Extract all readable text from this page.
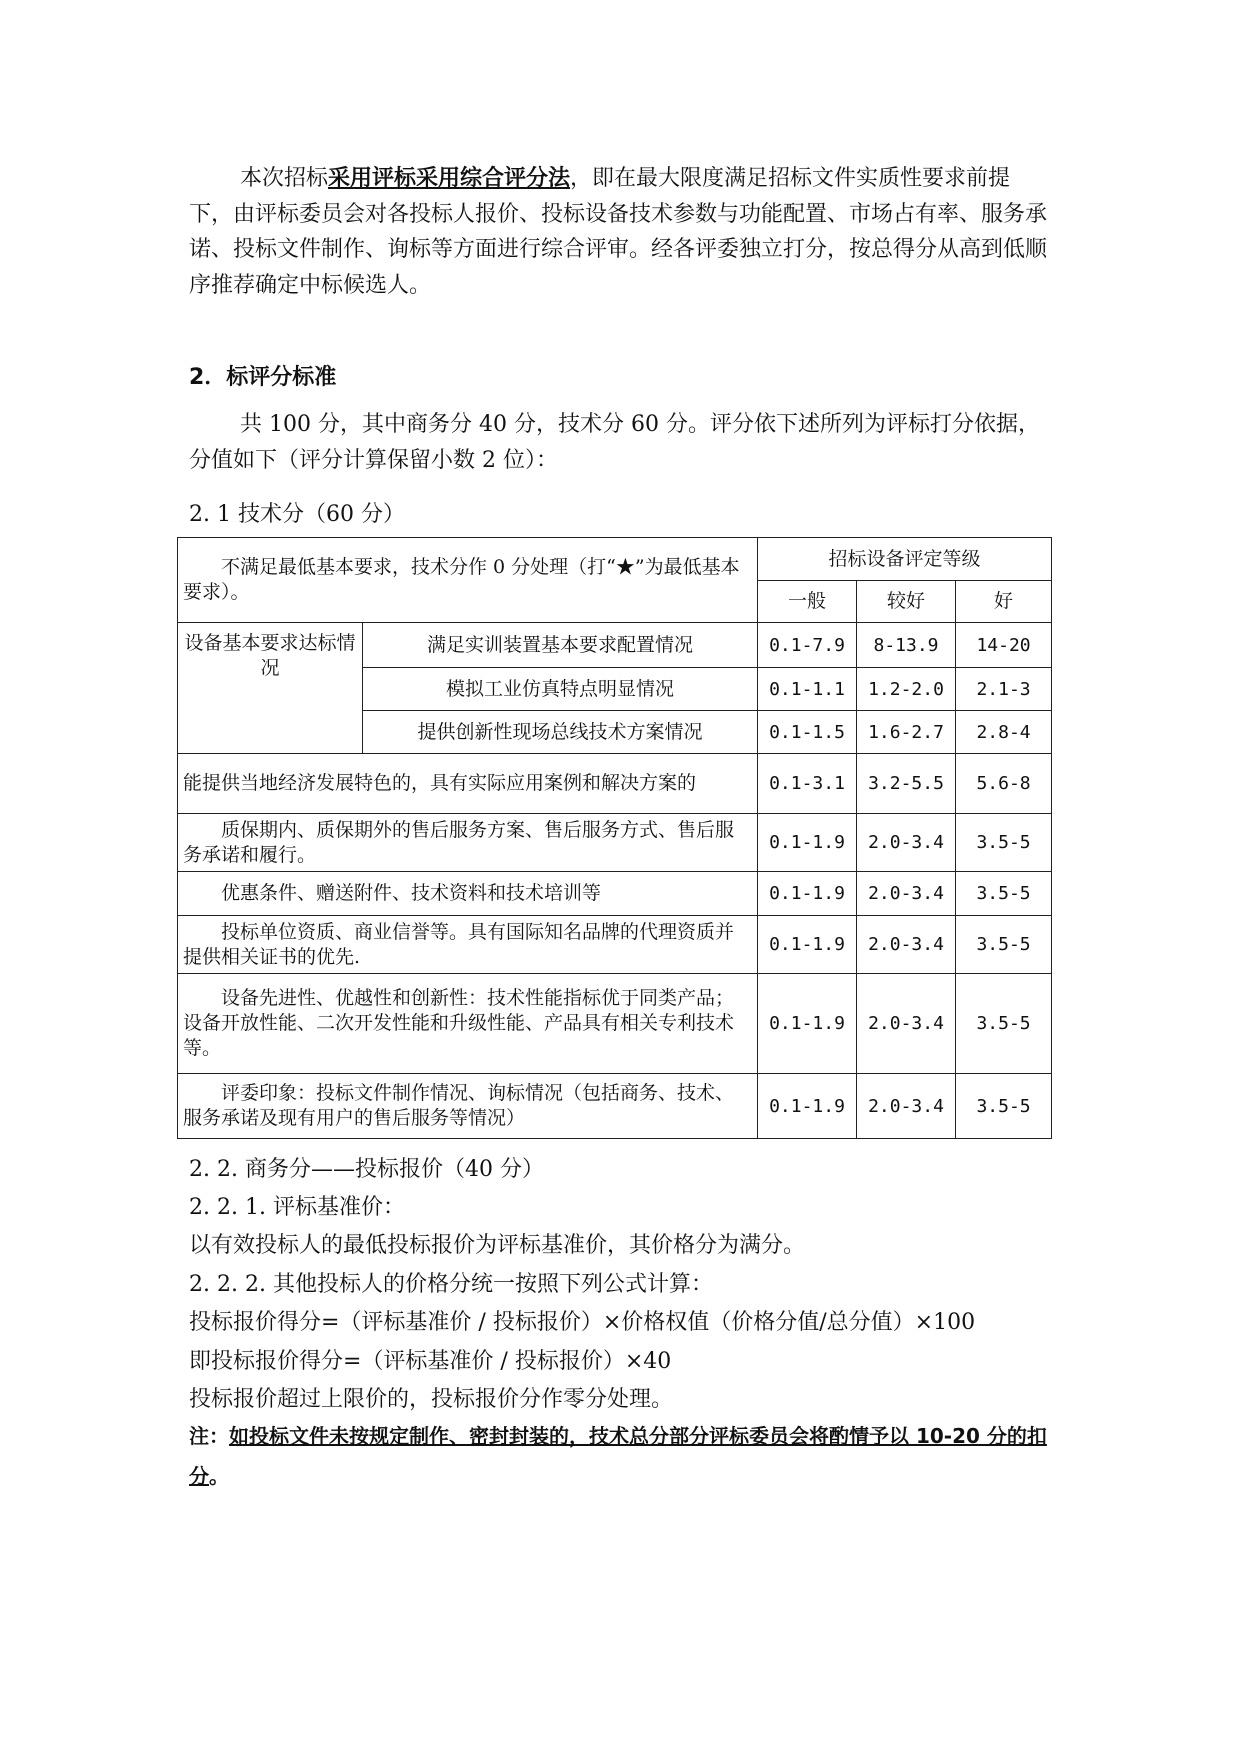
本次招标采用评标采用综合评分法，即在最大限度满足招标文件实质性要求前提下，由评标委员会对各投标人报价、投标设备技术参数与功能配置、市场占有率、服务承诺、投标文件制作、询标等方面进行综合评审。经各评委独立打分，按总得分从高到低顺序推荐确定中标候选人。

2．标评分标准

共 100 分，其中商务分 40 分，技术分 60 分。评分依下述所列为评标打分依据，分值如下（评分计算保留小数 2 位）：

2. 1 技术分（60 分）

不满足最低基本要求，技术分作 0 分处理（打“★”为最低基本要求）。		招标设备评定等级		
		一般	较好	好
设备基本要求达标情况	满足实训装置基本要求配置情况	0.1-7.9	8-13.9	14-20
	模拟工业仿真特点明显情况	0.1-1.1	1.2-2.0	2.1-3
	提供创新性现场总线技术方案情况	0.1-1.5	1.6-2.7	2.8-4
能提供当地经济发展特色的，具有实际应用案例和解决方案的		0.1-3.1	3.2-5.5	5.6-8
质保期内、质保期外的售后服务方案、售后服务方式、售后服务承诺和履行。		0.1-1.9	2.0-3.4	3.5-5
优惠条件、赠送附件、技术资料和技术培训等		0.1-1.9	2.0-3.4	3.5-5
投标单位资质、商业信誉等。具有国际知名品牌的代理资质并提供相关证书的优先.		0.1-1.9	2.0-3.4	3.5-5
设备先进性、优越性和创新性：技术性能指标优于同类产品；设备开放性能、二次开发性能和升级性能、产品具有相关专利技术等。		0.1-1.9	2.0-3.4	3.5-5
评委印象：投标文件制作情况、询标情况（包括商务、技术、服务承诺及现有用户的售后服务等情况）		0.1-1.9	2.0-3.4	3.5-5

2. 2. 商务分——投标报价（40 分）

2. 2. 1. 评标基准价：

以有效投标人的最低投标报价为评标基准价，其价格分为满分。

2. 2. 2. 其他投标人的价格分统一按照下列公式计算：

投标报价得分=（评标基准价 / 投标报价）×价格权值（价格分值/总分值）×100

即投标报价得分=（评标基准价 / 投标报价）×40

投标报价超过上限价的，投标报价分作零分处理。

注：如投标文件未按规定制作、密封封装的，技术总分部分评标委员会将酌情予以 10-20 分的扣分。
